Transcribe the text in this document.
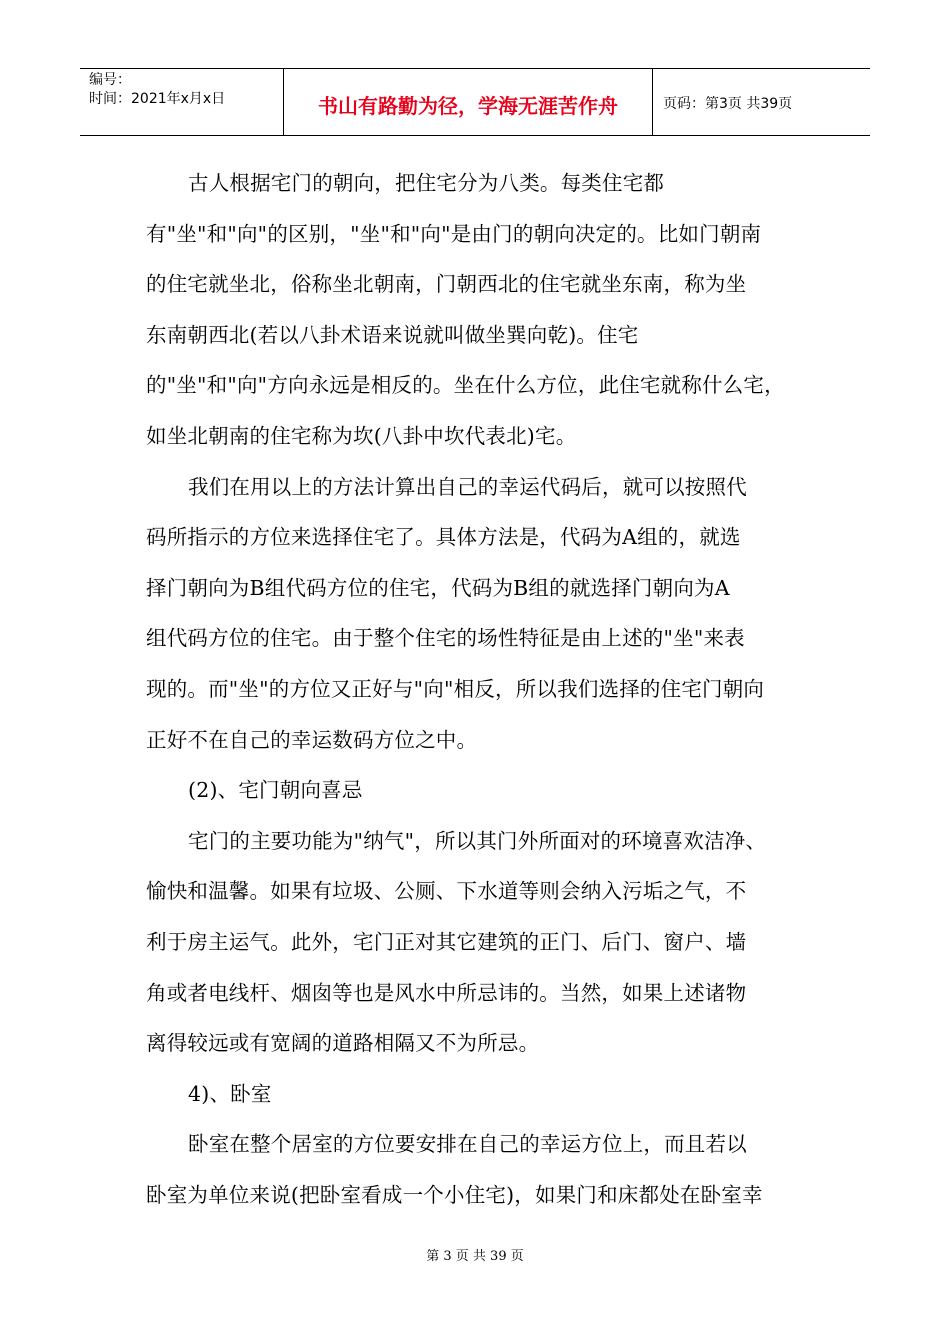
编号：
时间：2021年x月x日	书山有路勤为径，学海无涯苦作舟	页码：第3页 共39页
古人根据宅门的朝向，把住宅分为八类。每类住宅都
有"坐"和"向"的区别，"坐"和"向"是由门的朝向决定的。比如门朝南
的住宅就坐北，俗称坐北朝南，门朝西北的住宅就坐东南，称为坐
东南朝西北(若以八卦术语来说就叫做坐巽向乾)。住宅
的"坐"和"向"方向永远是相反的。坐在什么方位，此住宅就称什么宅，
如坐北朝南的住宅称为坎(八卦中坎代表北)宅。
我们在用以上的方法计算出自己的幸运代码后，就可以按照代
码所指示的方位来选择住宅了。具体方法是，代码为A组的，就选
择门朝向为B组代码方位的住宅，代码为B组的就选择门朝向为A
组代码方位的住宅。由于整个住宅的场性特征是由上述的"坐"来表
现的。而"坐"的方位又正好与"向"相反，所以我们选择的住宅门朝向
正好不在自己的幸运数码方位之中。
(2)、宅门朝向喜忌
宅门的主要功能为"纳气"，所以其门外所面对的环境喜欢洁净、
愉快和温馨。如果有垃圾、公厕、下水道等则会纳入污垢之气，不
利于房主运气。此外，宅门正对其它建筑的正门、后门、窗户、墙
角或者电线杆、烟囱等也是风水中所忌讳的。当然，如果上述诸物
离得较远或有宽阔的道路相隔又不为所忌。
4)、卧室
卧室在整个居室的方位要安排在自己的幸运方位上，而且若以
卧室为单位来说(把卧室看成一个小住宅)，如果门和床都处在卧室幸
第 3 页 共 39 页
